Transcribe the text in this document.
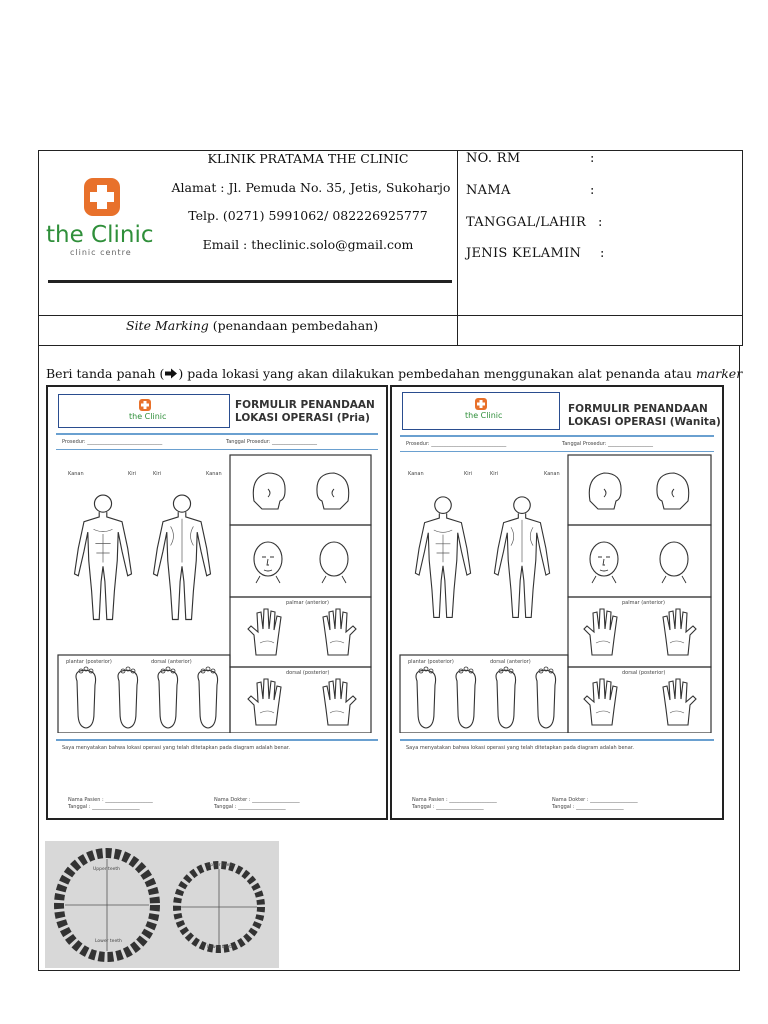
the Clinic
clinic centre
KLINIK PRATAMA THE CLINIC
Alamat : Jl. Pemuda No. 35, Jetis, Sukoharjo
Telp. (0271) 5991062/ 082226925777
Email : theclinic.solo@gmail.com
NO. RM	:
NAMA	:
TANGGAL/LAHIR :
JENIS KELAMIN :
Site Marking (penandaan pembedahan)
Beri tanda panah ( ) pada lokasi yang akan dilakukan pembedahan menggunakan alat penanda atau marker
the Clinic
FORMULIR PENANDAAN
LOKASI OPERASI (Pria)
Prosedur: ______________________________	Tanggal Prosedur: __________________
Kanan	Kiri	Kiri	Kanan
palmar (anterior)
dorsal (posterior)
plantar (posterior)	dorsal (anterior)
Saya menyatakan bahwa lokasi operasi yang telah ditetapkan pada diagram adalah benar.
Nama Pasien : ___________________
Tanggal : ___________________
Nama Dokter : ___________________
Tanggal : ___________________
the Clinic
FORMULIR PENANDAAN
LOKASI OPERASI (Wanita)
Prosedur: ______________________________	Tanggal Prosedur: __________________
Kanan	Kiri	Kiri	Kanan
palmar (anterior)
dorsal (posterior)
plantar (posterior)	dorsal (anterior)
Saya menyatakan bahwa lokasi operasi yang telah ditetapkan pada diagram adalah benar.
Nama Pasien : ___________________
Tanggal : ___________________
Nama Dokter : ___________________
Tanggal : ___________________
Upper teeth
Lower teeth
Upper teeth
Lower teeth
